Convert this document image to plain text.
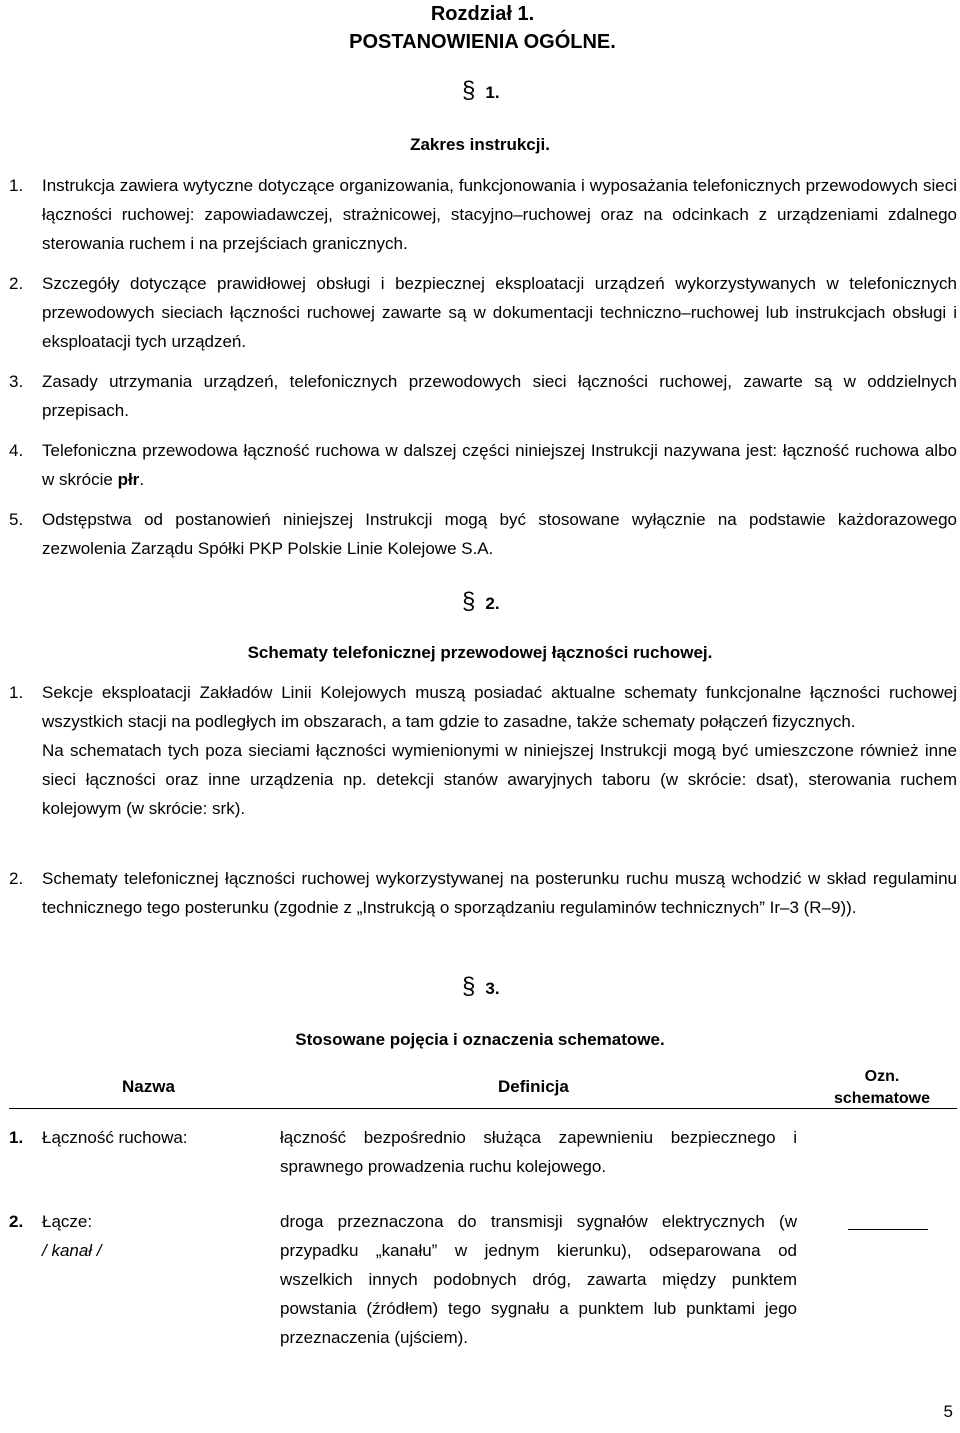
Rozdział 1.
POSTANOWIENIA OGÓLNE.
§ 1.
Zakres instrukcji.
1. Instrukcja zawiera wytyczne dotyczące organizowania, funkcjonowania i wyposażania telefonicznych przewodowych sieci łączności ruchowej: zapowiadawczej, strażnicowej, stacyjno–ruchowej oraz na odcinkach z urządzeniami zdalnego sterowania ruchem i na przejściach granicznych.
2. Szczegóły dotyczące prawidłowej obsługi i bezpiecznej eksploatacji urządzeń wykorzystywanych w telefonicznych przewodowych sieciach łączności ruchowej zawarte są w dokumentacji techniczno–ruchowej lub instrukcjach obsługi i eksploatacji tych urządzeń.
3. Zasady utrzymania urządzeń, telefonicznych przewodowych sieci łączności ruchowej, zawarte są w oddzielnych przepisach.
4. Telefoniczna przewodowa łączność ruchowa w dalszej części niniejszej Instrukcji nazywana jest: łączność ruchowa albo w skrócie płr.
5. Odstępstwa od postanowień niniejszej Instrukcji mogą być stosowane wyłącznie na podstawie każdorazowego zezwolenia Zarządu Spółki PKP Polskie Linie Kolejowe S.A.
§ 2.
Schematy telefonicznej przewodowej łączności ruchowej.
1. Sekcje eksploatacji Zakładów Linii Kolejowych muszą posiadać aktualne schematy funkcjonalne łączności ruchowej wszystkich stacji na podległych im obszarach, a tam gdzie to zasadne, także schematy połączeń fizycznych.

Na schematach tych poza sieciami łączności wymienionymi w niniejszej Instrukcji mogą być umieszczone również inne sieci łączności oraz inne urządzenia np. detekcji stanów awaryjnych taboru (w skrócie: dsat), sterowania ruchem kolejowym (w skrócie: srk).

2. Schematy telefonicznej łączności ruchowej wykorzystywanej na posterunku ruchu muszą wchodzić w skład regulaminu technicznego tego posterunku (zgodnie z „Instrukcją o sporządzaniu regulaminów technicznych” Ir–3 (R–9)).
§ 3.
Stosowane pojęcia i oznaczenia schematowe.
Nazwa	Definicja
Ozn.
schematowe
1. Łączność ruchowa:	łączność bezpośrednio służąca zapewnieniu bezpiecznego i sprawnego prowadzenia ruchu kolejowego.
2. Łącze:
/ kanał /
droga przeznaczona do transmisji sygnałów elektrycznych (w przypadku „kanału” w jednym kierunku), odseparowana od wszelkich innych podobnych dróg, zawarta między punktem powstania (źródłem) tego sygnału a punktem lub punktami jego przeznaczenia (ujściem).
5
